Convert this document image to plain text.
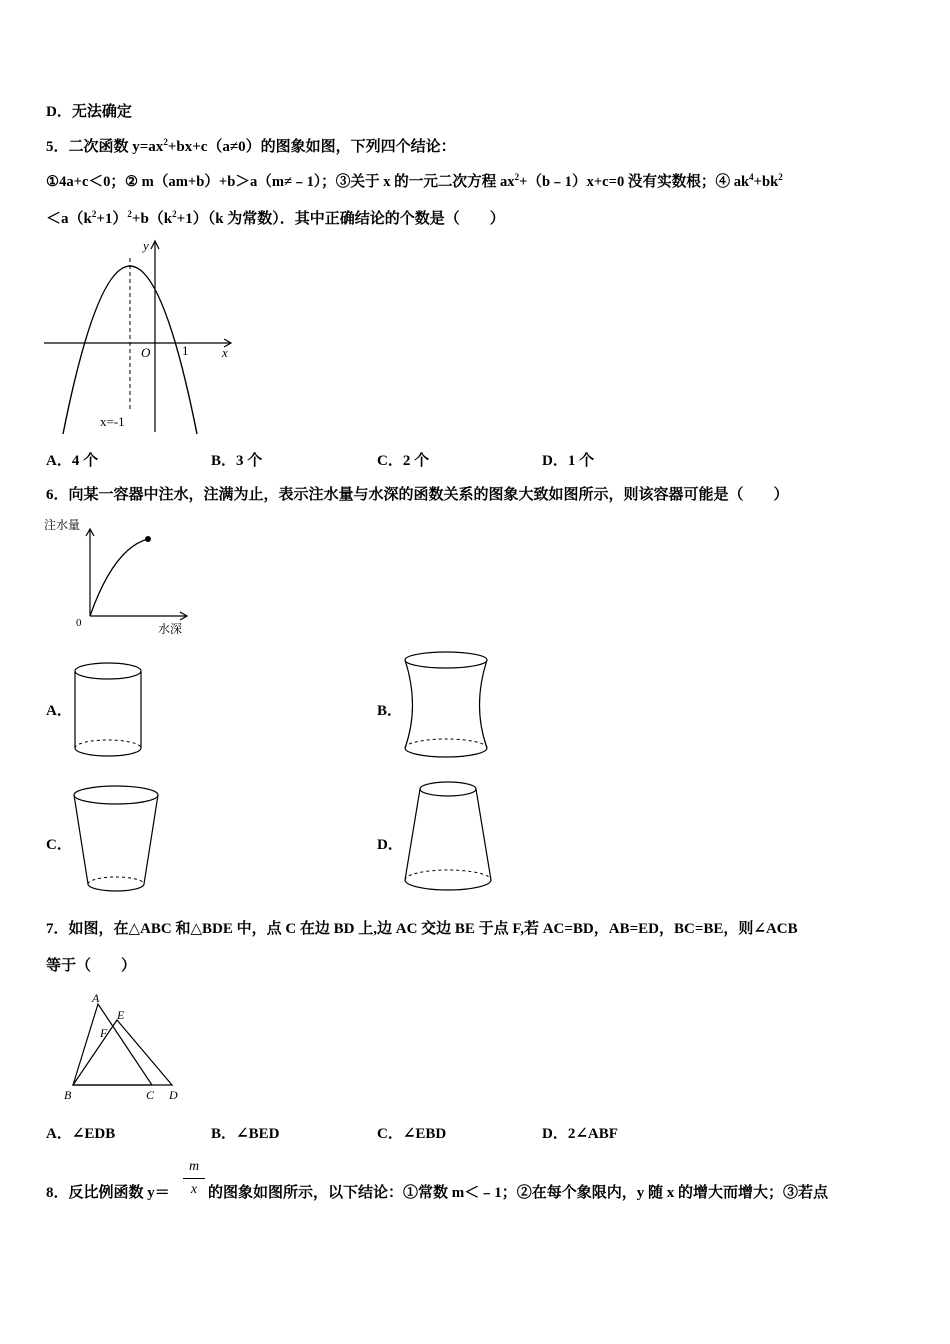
D．无法确定
5．二次函数 $y=ax^2+bx+c(a\ne 0)$的图象如图，下列四个结论：
①4a+c＜0；② m（am+b）+b＞a（m≠﹣1）；③关于 x 的一元二次方程 $ax^2+(b﹣1)x+c=0$ 没有实数根；④ $ak^4+bk^2$
$<a(k^2+1)^2+b(k^2+1)(k$ 为常数）．其中正确结论的个数是（　　）
y
x
O 1
x=-1
A．4 个	B．3 个	C．2 个	D．1 个
6．向某一容器中注水，注满为止，表示注水量与水深的函数关系的图象大致如图所示，则该容器可能是（　　）
注水量
水深
0
A．	B．
C．	D．
7．如图，在△ABC 和△BDE 中，点 C 在边 BD 上,边 AC 交边 BE 于点 F,若 AC=BD，AB=ED，BC=BE，则∠ACB
等于（　　）
A
E
F
B	C D
A．∠EDB	B．∠BED	C．∠EBD	D．2∠ABF
8．反比例函数 y＝
m
x 的图象如图所示，以下结论：①常数 m＜﹣1；②在每个象限内，y 随 x 的增大而增大；③若点
